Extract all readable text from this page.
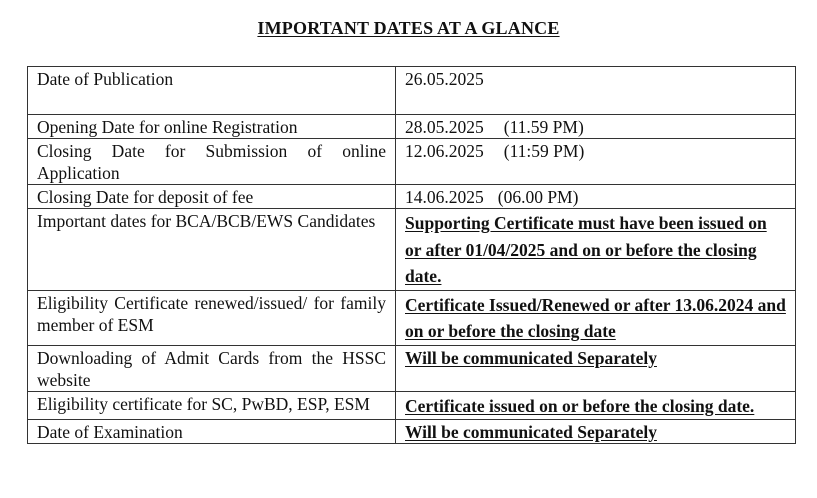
IMPORTANT DATES AT A GLANCE
Date of Publication	26.05.2025
Opening Date for online Registration	28.05.2025 (11.59 PM)
Closing Date for Submission of online Application	12.06.2025 (11:59 PM)
Closing Date for deposit of fee	14.06.2025 (06.00 PM)
Important dates for BCA/BCB/EWS Candidates	Supporting Certificate must have been issued on or after 01/04/2025 and on or before the closing date.
Eligibility Certificate renewed/issued/ for family member of ESM	Certificate Issued/Renewed or after 13.06.2024 and on or before the closing date
Downloading of Admit Cards from the HSSC website	Will be communicated Separately
Eligibility certificate for SC, PwBD, ESP, ESM	Certificate issued on or before the closing date.
Date of Examination	Will be communicated Separately
